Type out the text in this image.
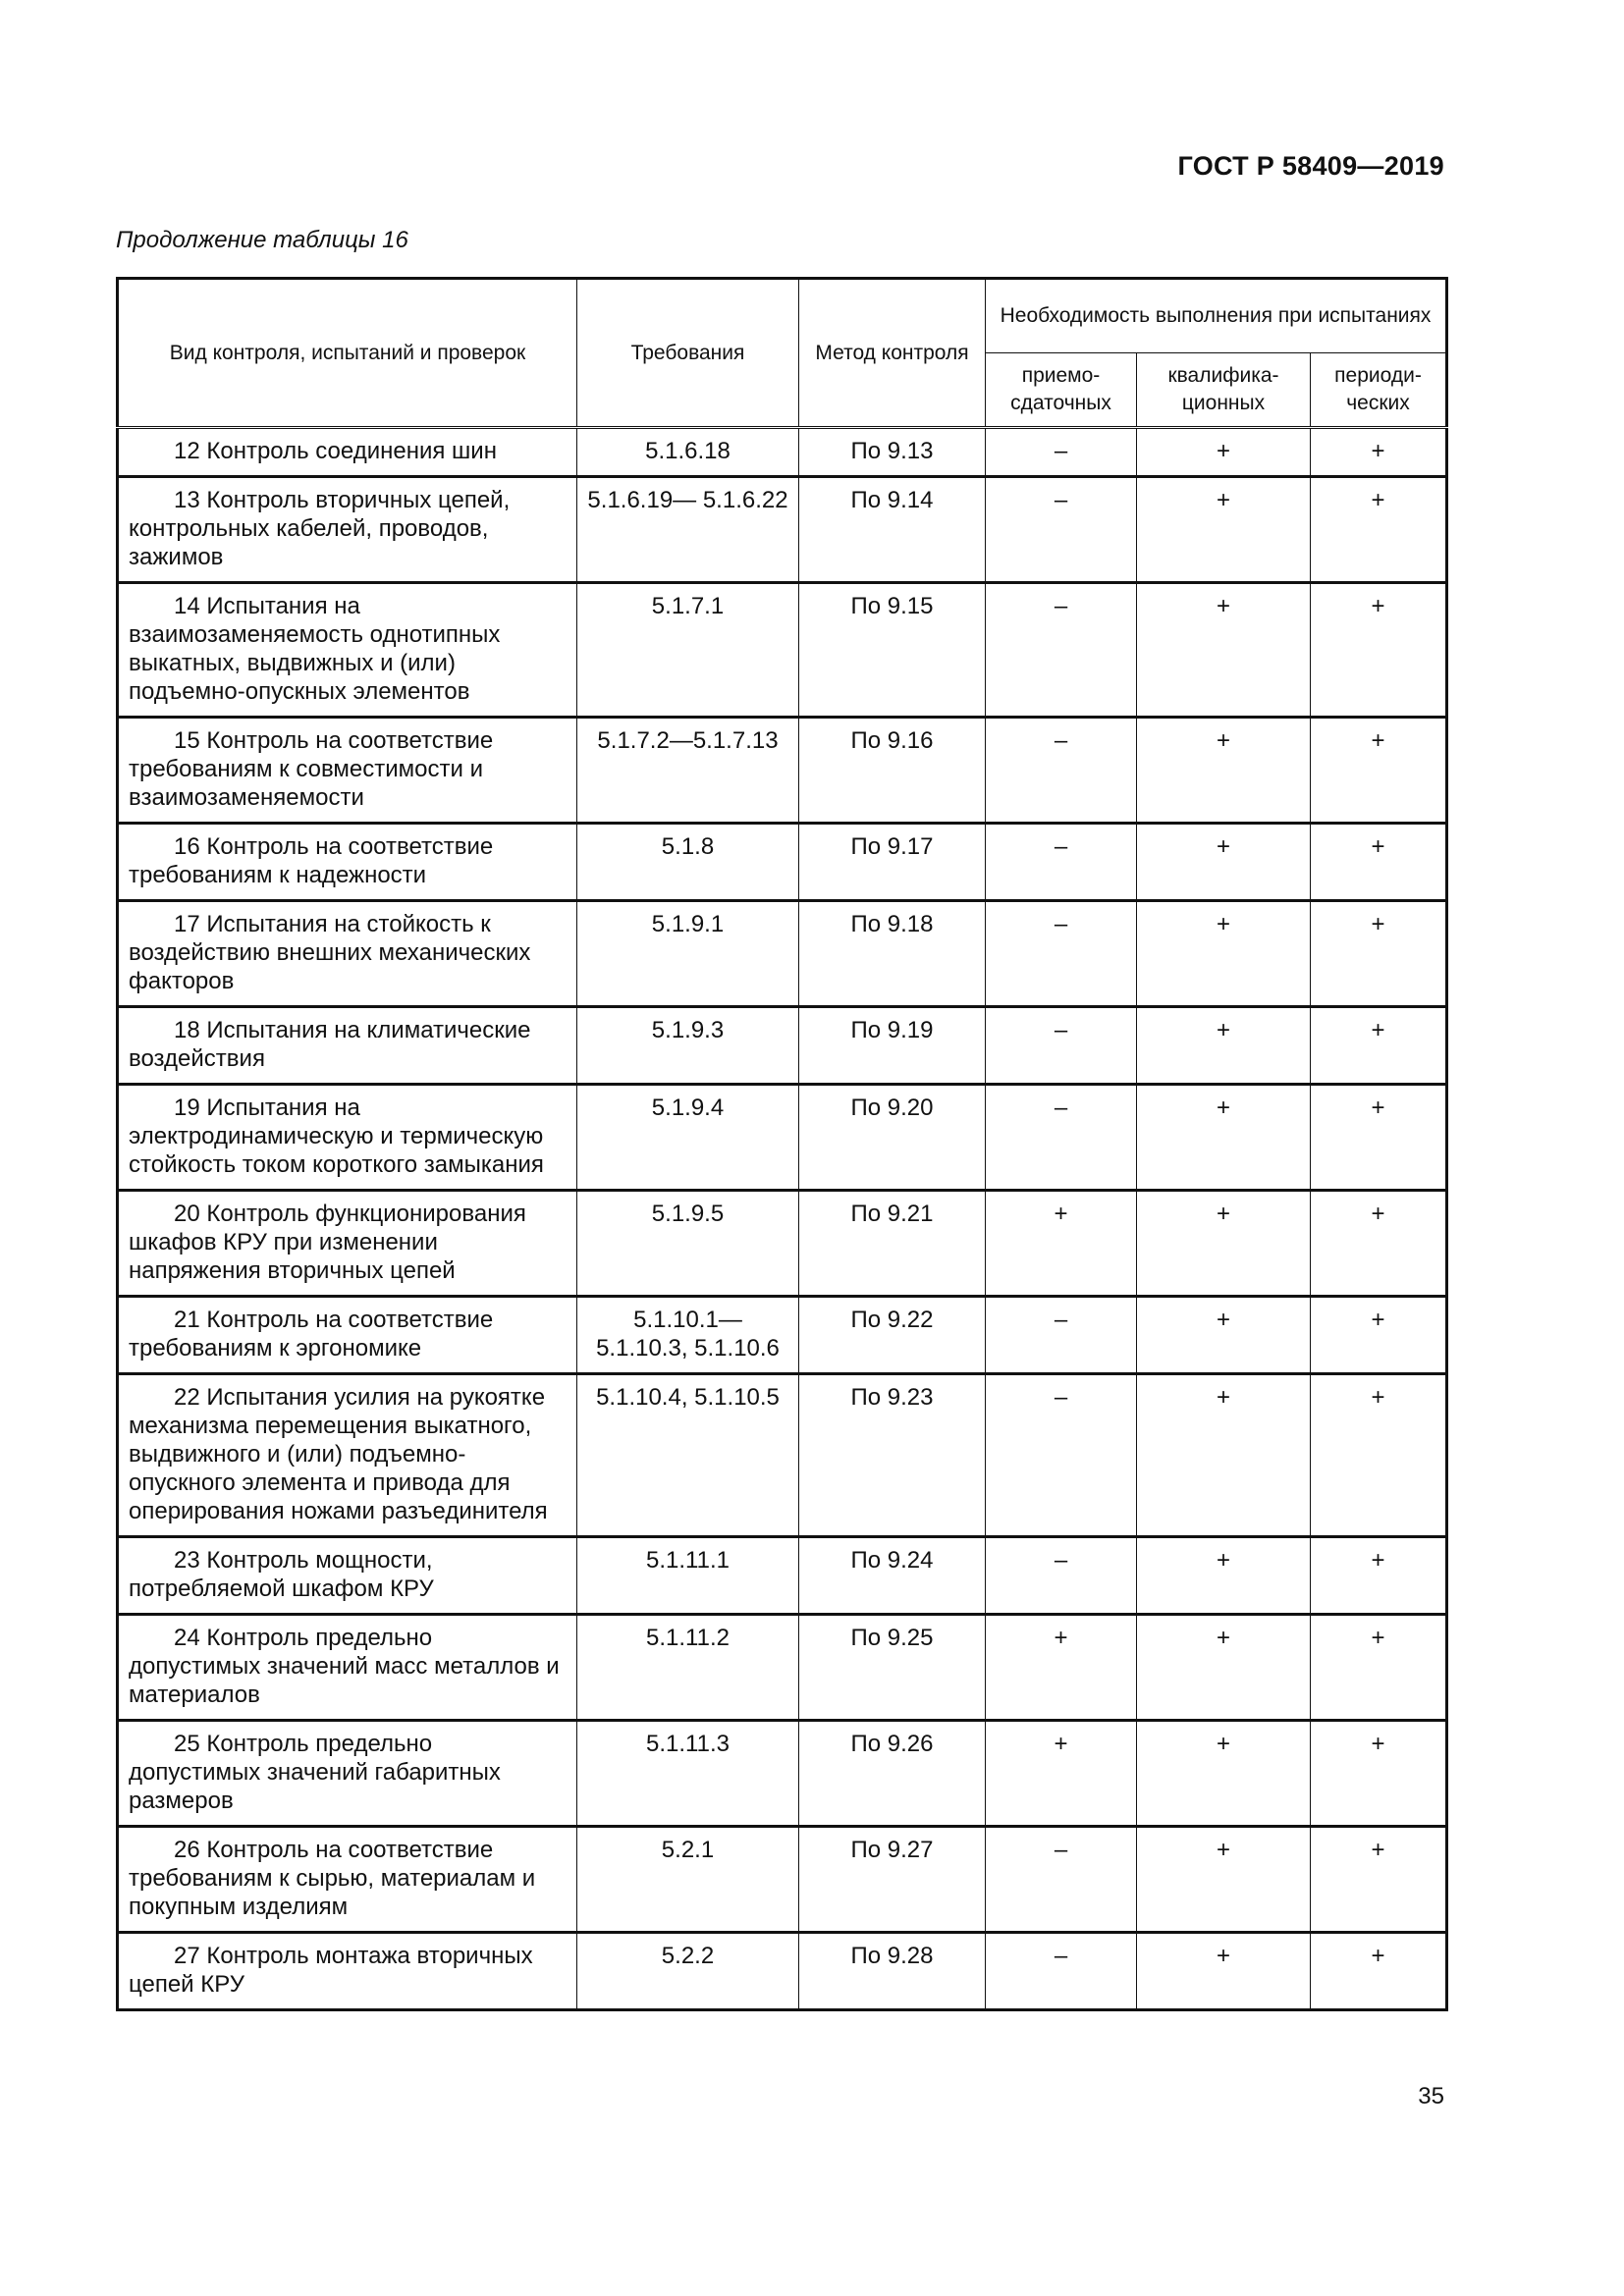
ГОСТ Р 58409—2019
Продолжение таблицы 16
Вид контроля, испытаний и проверок	Требования	Метод контроля	Необходимость выполнения при испытаниях		
			приемо-сдаточных	квалифика-ционных	периоди-ческих
12 Контроль соединения шин	5.1.6.18	По 9.13	–	+	+
13 Контроль вторичных цепей, контрольных кабелей, проводов, зажимов	5.1.6.19— 5.1.6.22	По 9.14	–	+	+
14 Испытания на взаимозаменяемость однотипных выкатных, выдвижных и (или) подъемно-опускных элементов	5.1.7.1	По 9.15	–	+	+
15 Контроль на соответствие требованиям к совместимости и взаимозаменяемости	5.1.7.2—5.1.7.13	По 9.16	–	+	+
16 Контроль на соответствие требованиям к надежности	5.1.8	По 9.17	–	+	+
17 Испытания на стойкость к воздействию внешних механических факторов	5.1.9.1	По 9.18	–	+	+
18 Испытания на климатические воздействия	5.1.9.3	По 9.19	–	+	+
19 Испытания на электродинамическую и термическую стойкость током короткого замыкания	5.1.9.4	По 9.20	–	+	+
20 Контроль функционирования шкафов КРУ при изменении напряжения вторичных цепей	5.1.9.5	По 9.21	+	+	+
21 Контроль на соответствие требованиям к эргономике	5.1.10.1— 5.1.10.3, 5.1.10.6	По 9.22	–	+	+
22 Испытания усилия на рукоятке механизма перемещения выкатного, выдвижного и (или) подъемно-опускного элемента и привода для оперирования ножами разъединителя	5.1.10.4, 5.1.10.5	По 9.23	–	+	+
23 Контроль мощности, потребляемой шкафом КРУ	5.1.11.1	По 9.24	–	+	+
24 Контроль предельно допустимых значений масс металлов и материалов	5.1.11.2	По 9.25	+	+	+
25 Контроль предельно допустимых значений габаритных размеров	5.1.11.3	По 9.26	+	+	+
26 Контроль на соответствие требованиям к сырью, материалам и покупным изделиям	5.2.1	По 9.27	–	+	+
27 Контроль монтажа вторичных цепей КРУ	5.2.2	По 9.28	–	+	+
35
